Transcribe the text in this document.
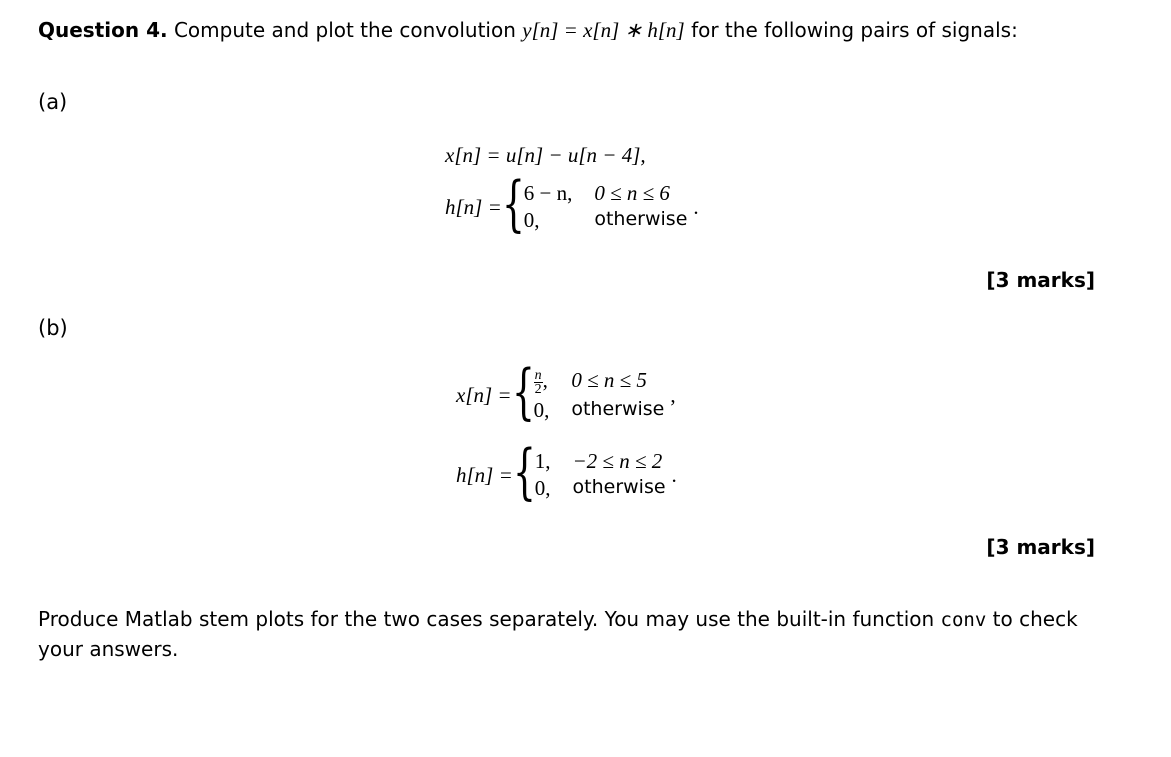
Question 4. Compute and plot the convolution y[n] = x[n] ∗ h[n] for the following pairs of signals:
(a)
x[n] = u[n] − u[n − 4],
h[n] = { 6 − n, 0 ≤ n ≤ 6
0,	otherwise
.
[3 marks]
(b)
x[n] = { $\frac{n}{2}$ , 0 ≤ n ≤ 5
0, otherwise
,
h[n] = { 1, −2 ≤ n ≤ 2
0, otherwise
.
[3 marks]
Produce Matlab stem plots for the two cases separately. You may use the built-in function conv to check your answers.
